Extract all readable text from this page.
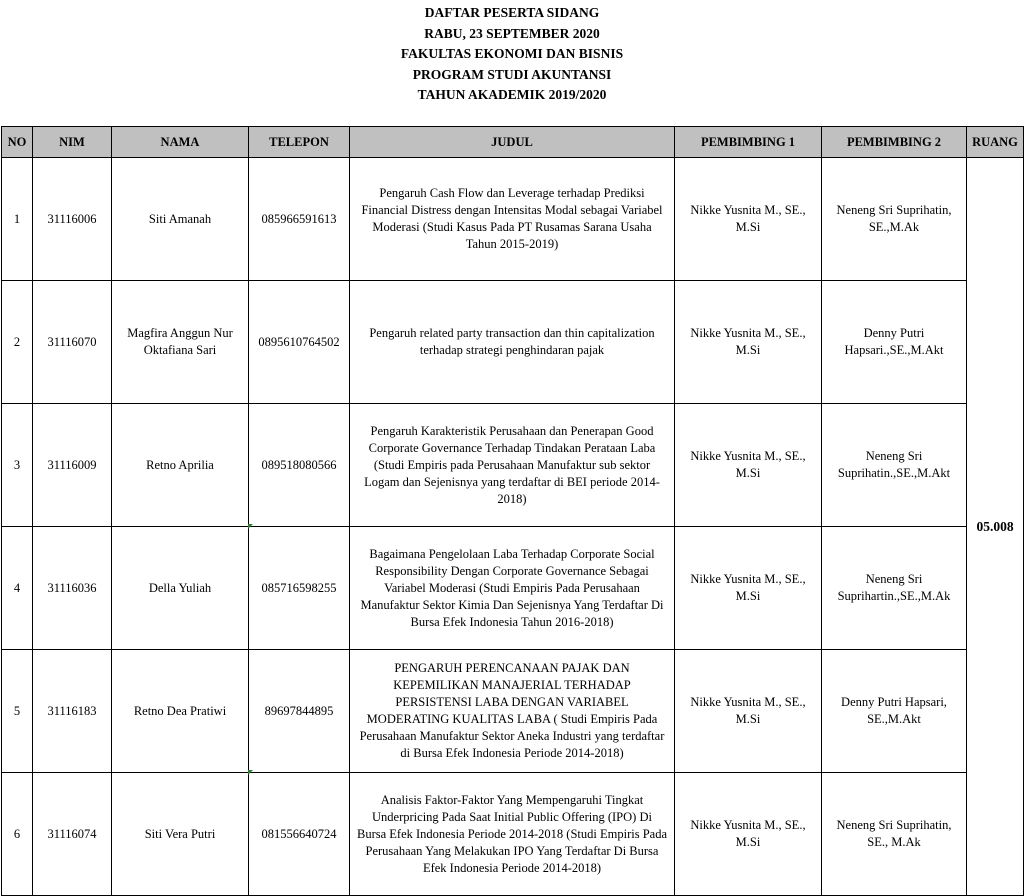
DAFTAR PESERTA SIDANG
RABU, 23 SEPTEMBER 2020
FAKULTAS EKONOMI DAN BISNIS
PROGRAM STUDI AKUNTANSI
TAHUN AKADEMIK 2019/2020
NO	NIM	NAMA	TELEPON	JUDUL	PEMBIMBING 1	PEMBIMBING 2	RUANG
1	31116006	Siti Amanah	085966591613	Pengaruh Cash Flow dan Leverage terhadap Prediksi Financial Distress dengan Intensitas Modal sebagai Variabel Moderasi (Studi Kasus Pada PT Rusamas Sarana Usaha Tahun 2015-2019)	Nikke Yusnita M., SE., M.Si	Neneng Sri Suprihatin, SE.,M.Ak	05.008
2	31116070	Magfira Anggun Nur Oktafiana Sari	0895610764502	Pengaruh related party transaction dan thin capitalization terhadap strategi penghindaran pajak	Nikke Yusnita M., SE., M.Si	Denny Putri Hapsari.,SE.,M.Akt	
3	31116009	Retno Aprilia	089518080566	Pengaruh Karakteristik Perusahaan dan Penerapan Good Corporate Governance Terhadap Tindakan Perataan Laba (Studi Empiris pada Perusahaan Manufaktur sub sektor Logam dan Sejenisnya yang terdaftar di BEI periode 2014-2018)	Nikke Yusnita M., SE., M.Si	Neneng Sri Suprihatin.,SE.,M.Akt	
4	31116036	Della Yuliah	085716598255	Bagaimana Pengelolaan Laba Terhadap Corporate Social Responsibility Dengan Corporate Governance Sebagai Variabel Moderasi (Studi Empiris Pada Perusahaan Manufaktur Sektor Kimia Dan Sejenisnya Yang Terdaftar Di Bursa Efek Indonesia Tahun 2016-2018)	Nikke Yusnita M., SE., M.Si	Neneng Sri Suprihartin.,SE.,M.Ak	
5	31116183	Retno Dea Pratiwi	89697844895	PENGARUH PERENCANAAN PAJAK DAN KEPEMILIKAN MANAJERIAL TERHADAP PERSISTENSI LABA DENGAN VARIABEL MODERATING KUALITAS LABA ( Studi Empiris Pada Perusahaan Manufaktur Sektor Aneka Industri yang terdaftar di Bursa Efek Indonesia Periode 2014-2018)	Nikke Yusnita M., SE., M.Si	Denny Putri Hapsari, SE.,M.Akt	
6	31116074	Siti Vera Putri	081556640724	Analisis Faktor-Faktor Yang Mempengaruhi Tingkat Underpricing Pada Saat Initial Public Offering (IPO) Di Bursa Efek Indonesia Periode 2014-2018 (Studi Empiris Pada Perusahaan Yang Melakukan IPO Yang Terdaftar Di Bursa Efek Indonesia Periode 2014-2018)	Nikke Yusnita M., SE., M.Si	Neneng Sri Suprihatin, SE., M.Ak	
